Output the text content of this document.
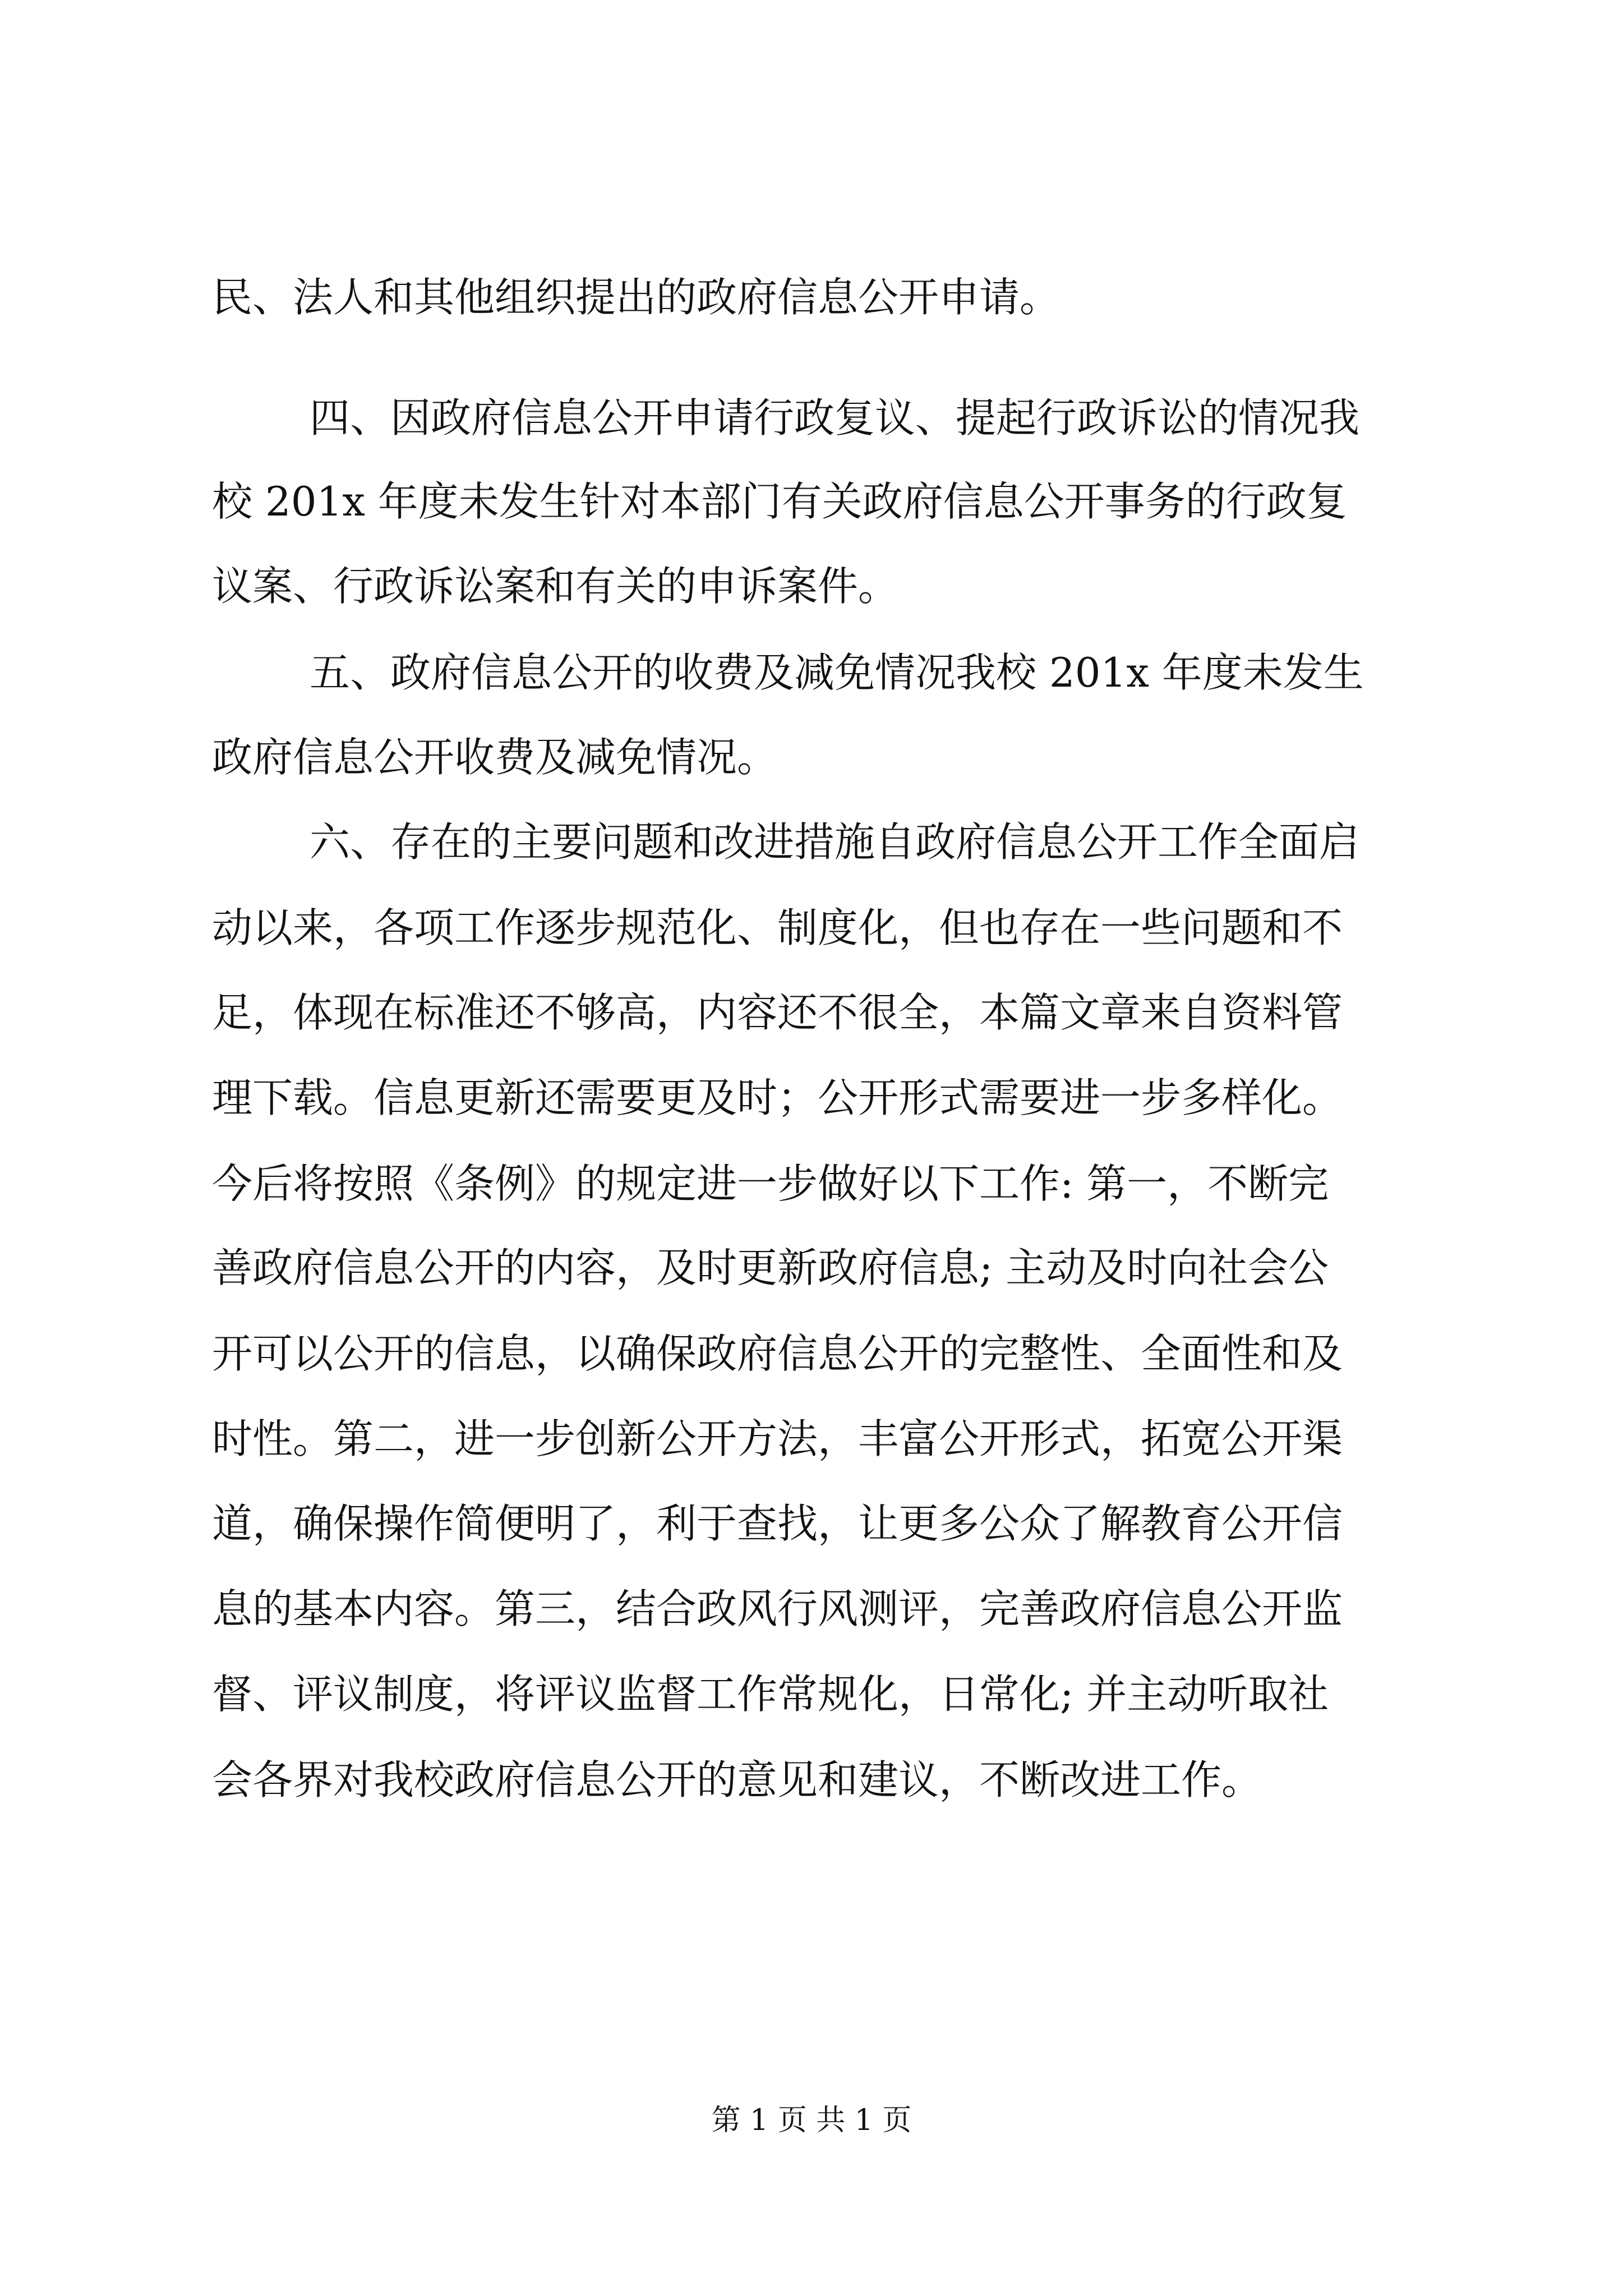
民、法人和其他组织提出的政府信息公开申请。
四、因政府信息公开申请行政复议、提起行政诉讼的情况我
校 201x 年度未发生针对本部门有关政府信息公开事务的行政复
议案、行政诉讼案和有关的申诉案件。
五、政府信息公开的收费及减免情况我校 201x 年度未发生
政府信息公开收费及减免情况。
六、存在的主要问题和改进措施自政府信息公开工作全面启
动以来，各项工作逐步规范化、制度化，但也存在一些问题和不
足，体现在标准还不够高，内容还不很全，本篇文章来自资料管
理下载。信息更新还需要更及时；公开形式需要进一步多样化。
今后将按照《条例》的规定进一步做好以下工作: 第一，不断完
善政府信息公开的内容，及时更新政府信息; 主动及时向社会公
开可以公开的信息，以确保政府信息公开的完整性、全面性和及
时性。第二，进一步创新公开方法，丰富公开形式，拓宽公开渠
道，确保操作简便明了，利于查找，让更多公众了解教育公开信
息的基本内容。第三，结合政风行风测评，完善政府信息公开监
督、评议制度，将评议监督工作常规化，日常化; 并主动听取社
会各界对我校政府信息公开的意见和建议，不断改进工作。
第 1 页 共 1 页
